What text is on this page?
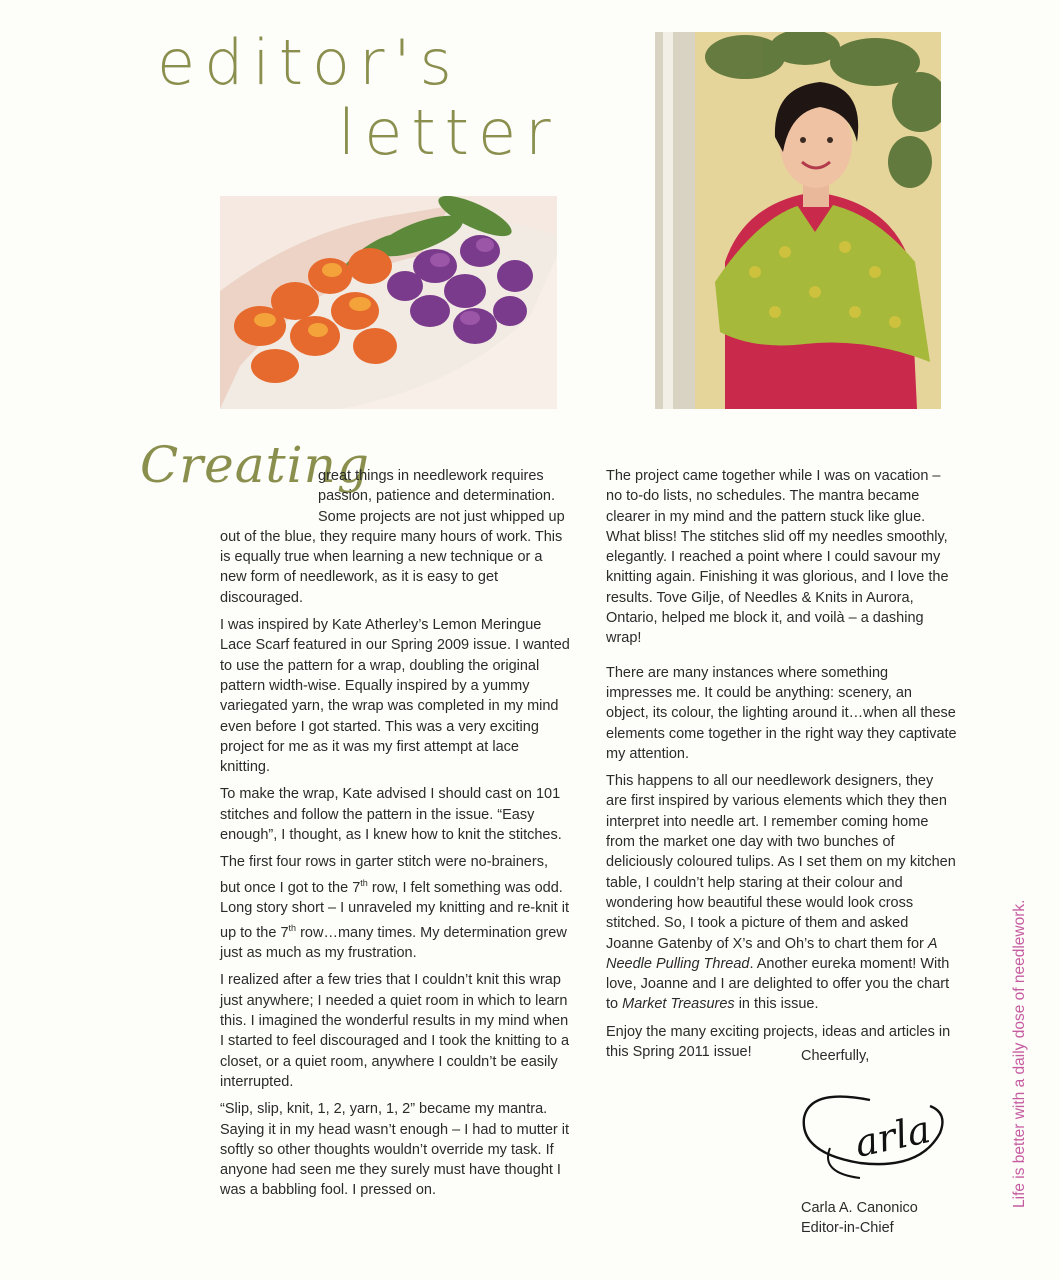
editor's
letter
Creating

great things in needlework requires passion, patience and determination. Some projects are not just whipped up out of the blue, they require many hours of work. This is equally true when learning a new technique or a new form of needlework, as it is easy to get discouraged.

I was inspired by Kate Atherley’s Lemon Meringue Lace Scarf featured in our Spring 2009 issue. I wanted to use the pattern for a wrap, doubling the original pattern width-wise. Equally inspired by a yummy variegated yarn, the wrap was completed in my mind even before I got started. This was a very exciting project for me as it was my first attempt at lace knitting.

To make the wrap, Kate advised I should cast on 101 stitches and follow the pattern in the issue. “Easy enough”, I thought, as I knew how to knit the stitches.

The first four rows in garter stitch were no-brainers, but once I got to the 7th row, I felt something was odd. Long story short – I unraveled my knitting and re-knit it up to the 7th row…many times. My determination grew just as much as my frustration.

I realized after a few tries that I couldn’t knit this wrap just anywhere; I needed a quiet room in which to learn this. I imagined the wonderful results in my mind when I started to feel discouraged and I took the knitting to a closet, or a quiet room, anywhere I couldn’t be easily interrupted.

“Slip, slip, knit, 1, 2, yarn, 1, 2” became my mantra. Saying it in my head wasn’t enough – I had to mutter it softly so other thoughts wouldn’t override my task. If anyone had seen me they surely must have thought I was a babbling fool. I pressed on.

The project came together while I was on vacation – no to-do lists, no schedules. The mantra became clearer in my mind and the pattern stuck like glue. What bliss! The stitches slid off my needles smoothly, elegantly. I reached a point where I could savour my knitting again. Finishing it was glorious, and I love the results. Tove Gilje, of Needles & Knits in Aurora, Ontario, helped me block it, and voilà – a dashing wrap!

There are many instances where something impresses me. It could be anything: scenery, an object, its colour, the lighting around it…when all these elements come together in the right way they captivate my attention.

This happens to all our needlework designers, they are first inspired by various elements which they then interpret into needle art. I remember coming home from the market one day with two bunches of deliciously coloured tulips. As I set them on my kitchen table, I couldn’t help staring at their colour and wondering how beautiful these would look cross stitched. So, I took a picture of them and asked Joanne Gatenby of X’s and Oh’s to chart them for A Needle Pulling Thread. Another eureka moment! With love, Joanne and I are delighted to offer you the chart to Market Treasures in this issue.

Enjoy the many exciting projects, ideas and articles in this Spring 2011 issue!	Cheerfully,
arla
Carla A. Canonico
Editor-in-Chief
Life is better with a daily dose of needlework.
